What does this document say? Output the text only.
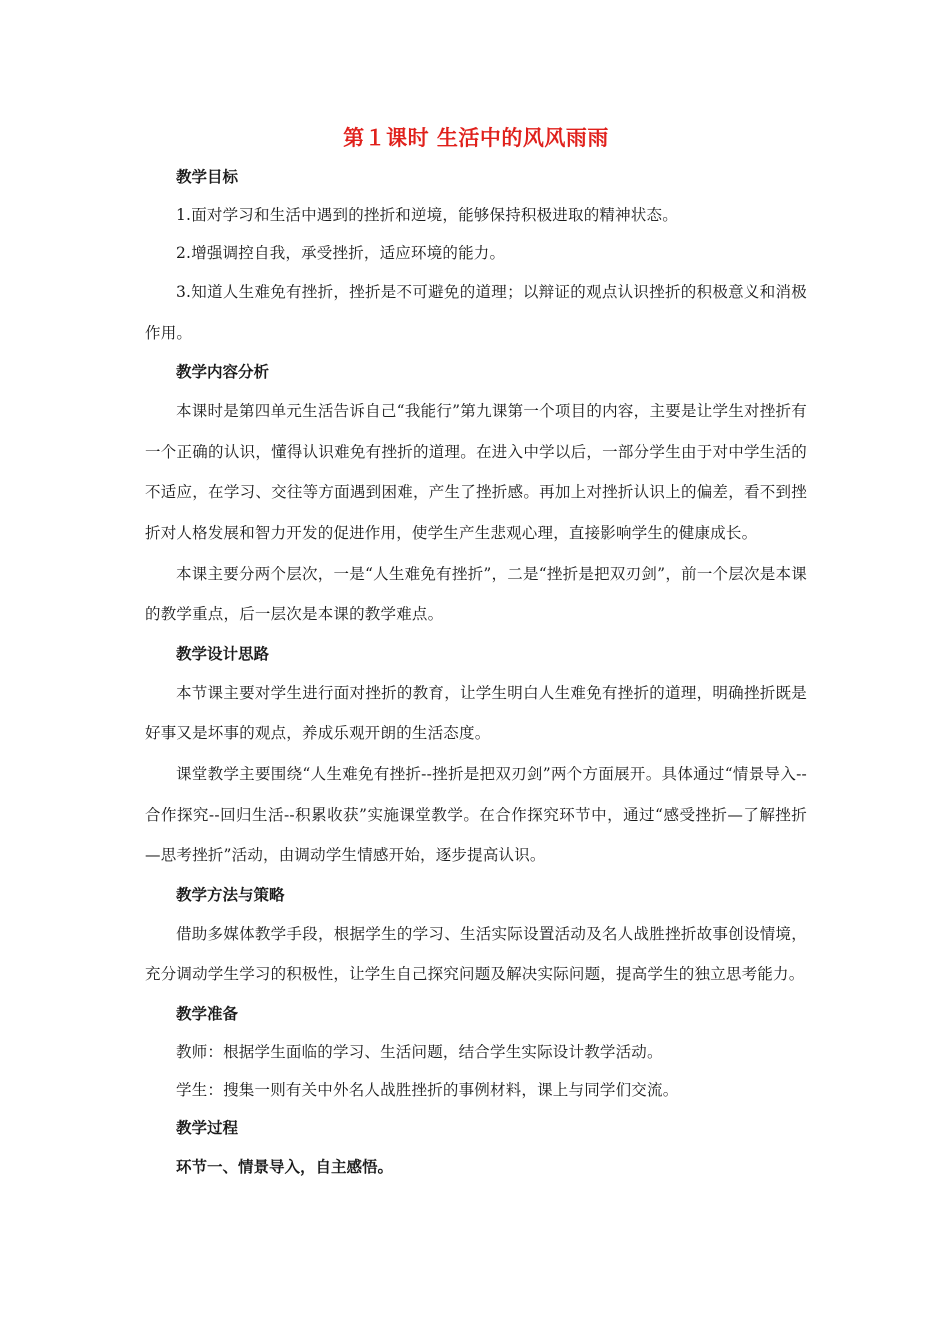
第１课时 生活中的风风雨雨
教学目标

1.面对学习和生活中遇到的挫折和逆境，能够保持积极进取的精神状态。

2.增强调控自我，承受挫折，适应环境的能力。

3.知道人生难免有挫折，挫折是不可避免的道理；以辩证的观点认识挫折的积极意义和消极作用。

教学内容分析

本课时是第四单元生活告诉自己“我能行”第九课第一个项目的内容，主要是让学生对挫折有一个正确的认识，懂得认识难免有挫折的道理。在进入中学以后，一部分学生由于对中学生活的不适应，在学习、交往等方面遇到困难，产生了挫折感。再加上对挫折认识上的偏差，看不到挫折对人格发展和智力开发的促进作用，使学生产生悲观心理，直接影响学生的健康成长。

本课主要分两个层次，一是“人生难免有挫折”，二是“挫折是把双刃剑”，前一个层次是本课的教学重点，后一层次是本课的教学难点。

教学设计思路

本节课主要对学生进行面对挫折的教育，让学生明白人生难免有挫折的道理，明确挫折既是好事又是坏事的观点，养成乐观开朗的生活态度。

课堂教学主要围绕“人生难免有挫折--挫折是把双刃剑”两个方面展开。具体通过“情景导入--合作探究--回归生活--积累收获”实施课堂教学。在合作探究环节中，通过“感受挫折—了解挫折—思考挫折”活动，由调动学生情感开始，逐步提高认识。

教学方法与策略

借助多媒体教学手段，根据学生的学习、生活实际设置活动及名人战胜挫折故事创设情境，充分调动学生学习的积极性，让学生自己探究问题及解决实际问题，提高学生的独立思考能力。

教学准备

教师：根据学生面临的学习、生活问题，结合学生实际设计教学活动。

学生：搜集一则有关中外名人战胜挫折的事例材料，课上与同学们交流。

教学过程
环节一、情景导入，自主感悟。
